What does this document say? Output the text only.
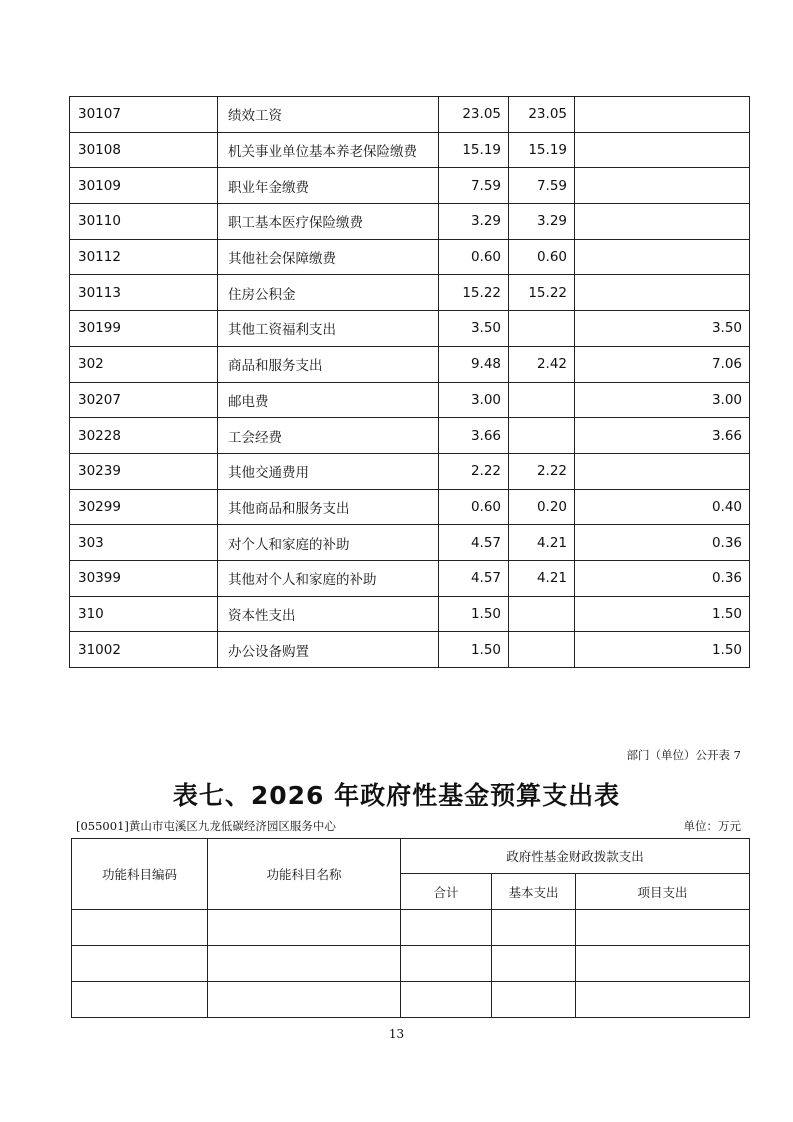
30107	绩效工资	23.05	23.05	
30108	机关事业单位基本养老保险缴费	15.19	15.19	
30109	职业年金缴费	7.59	7.59	
30110	职工基本医疗保险缴费	3.29	3.29	
30112	其他社会保障缴费	0.60	0.60	
30113	住房公积金	15.22	15.22	
30199	其他工资福利支出	3.50		3.50
302	商品和服务支出	9.48	2.42	7.06
30207	邮电费	3.00		3.00
30228	工会经费	3.66		3.66
30239	其他交通费用	2.22	2.22	
30299	其他商品和服务支出	0.60	0.20	0.40
303	对个人和家庭的补助	4.57	4.21	0.36
30399	其他对个人和家庭的补助	4.57	4.21	0.36
310	资本性支出	1.50		1.50
31002	办公设备购置	1.50		1.50
部门（单位）公开表 7
表七、2026 年政府性基金预算支出表
[055001]黄山市屯溪区九龙低碳经济园区服务中心	单位：万元
功能科目编码	功能科目名称	政府性基金财政拨款支出		
		合计	基本支出	项目支出

13
